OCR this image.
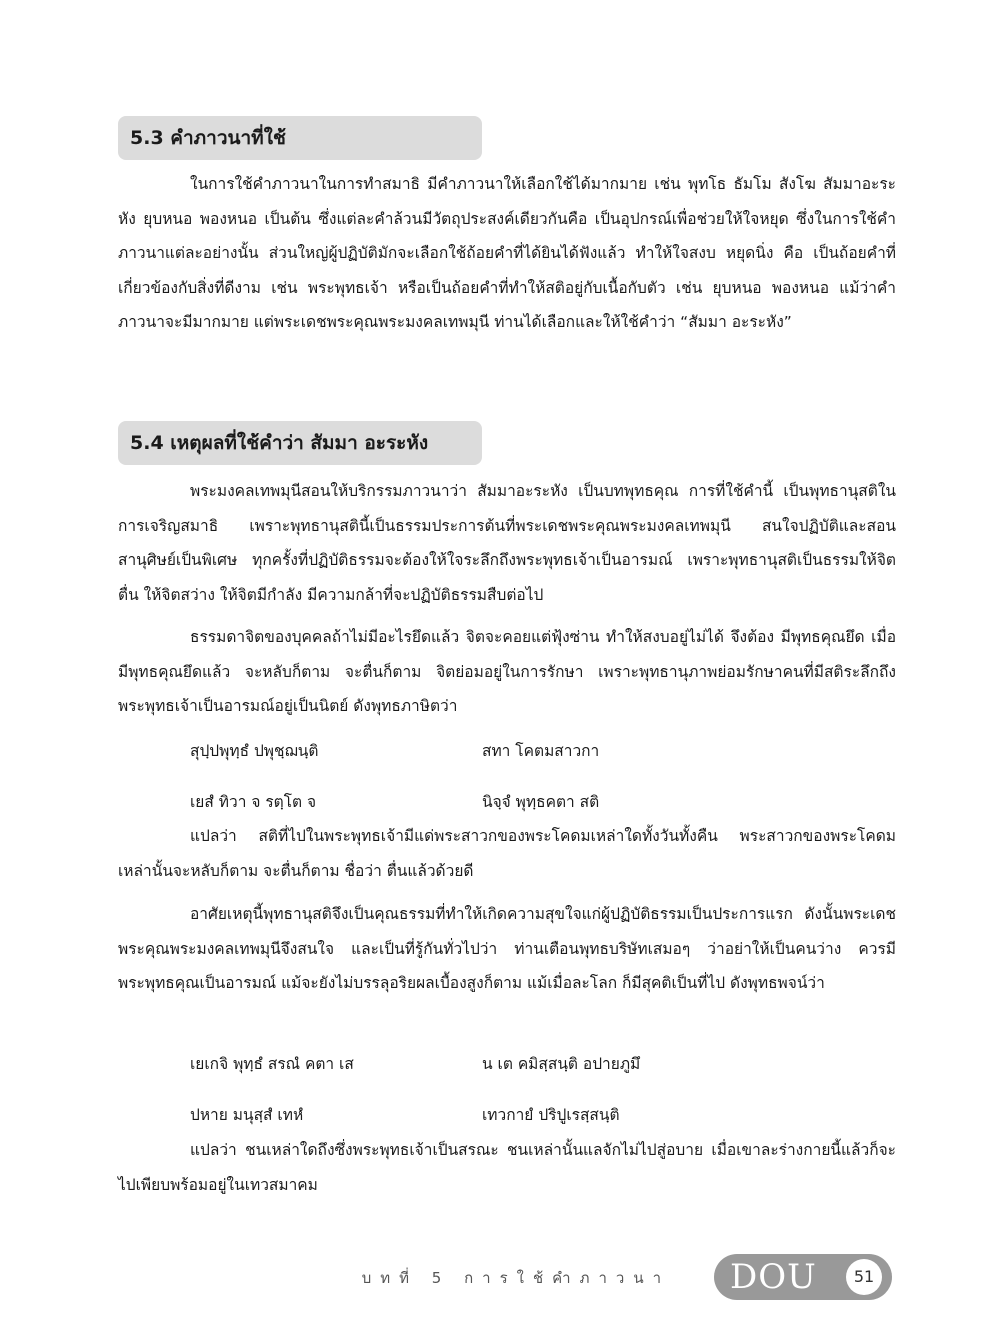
5.3 คำภาวนาที่ใช้

ในการใช้คำภาวนาในการทำสมาธิ มีคำภาวนาให้เลือกใช้ได้มากมาย เช่น พุทโธ ธัมโม สังโฆ สัมมาอะระหัง ยุบหนอ พองหนอ เป็นต้น ซึ่งแต่ละคำล้วนมีวัตถุประสงค์เดียวกันคือ เป็นอุปกรณ์เพื่อช่วยให้ใจหยุด ซึ่งในการใช้คำภาวนาแต่ละอย่างนั้น ส่วนใหญ่ผู้ปฏิบัติมักจะเลือกใช้ถ้อยคำที่ได้ยินได้ฟังแล้ว ทำให้ใจสงบ หยุดนิ่ง คือ เป็นถ้อยคำที่เกี่ยวข้องกับสิ่งที่ดีงาม เช่น พระพุทธเจ้า หรือเป็นถ้อยคำที่ทำให้สติอยู่กับเนื้อกับตัว เช่น ยุบหนอ พองหนอ แม้ว่าคำภาวนาจะมีมากมาย แต่พระเดชพระคุณพระมงคลเทพมุนี ท่านได้เลือกและให้ใช้คำว่า “สัมมา อะระหัง”

5.4 เหตุผลที่ใช้คำว่า สัมมา อะระหัง

พระมงคลเทพมุนีสอนให้บริกรรมภาวนาว่า สัมมาอะระหัง เป็นบทพุทธคุณ การที่ใช้คำนี้ เป็นพุทธานุสติในการเจริญสมาธิ เพราะพุทธานุสตินี้เป็นธรรมประการต้นที่พระเดชพระคุณพระมงคลเทพมุนี สนใจปฏิบัติและสอนสานุศิษย์เป็นพิเศษ ทุกครั้งที่ปฏิบัติธรรมจะต้องให้ใจระลึกถึงพระพุทธเจ้าเป็นอารมณ์ เพราะพุทธานุสติเป็นธรรมให้จิตตื่น ให้จิตสว่าง ให้จิตมีกำลัง มีความกล้าที่จะปฏิบัติธรรมสืบต่อไป

ธรรมดาจิตของบุคคลถ้าไม่มีอะไรยึดแล้ว จิตจะคอยแต่ฟุ้งซ่าน ทำให้สงบอยู่ไม่ได้ จึงต้อง มีพุทธคุณยึด เมื่อมีพุทธคุณยึดแล้ว จะหลับก็ตาม จะตื่นก็ตาม จิตย่อมอยู่ในการรักษา เพราะพุทธานุภาพย่อมรักษาคนที่มีสติระลึกถึงพระพุทธเจ้าเป็นอารมณ์อยู่เป็นนิตย์ ดังพุทธภาษิตว่า

สุปฺปพุทฺธํ ปพุชฺฌนฺติ	สทา โคตมสาวกา
เยสํ ทิวา จ รตฺโต จ	นิจฺจํ พุทฺธคตา สติ

แปลว่า สติที่ไปในพระพุทธเจ้ามีแด่พระสาวกของพระโคดมเหล่าใดทั้งวันทั้งคืน พระสาวกของพระโคดมเหล่านั้นจะหลับก็ตาม จะตื่นก็ตาม ชื่อว่า ตื่นแล้วด้วยดี

อาศัยเหตุนี้พุทธานุสติจึงเป็นคุณธรรมที่ทำให้เกิดความสุขใจแก่ผู้ปฏิบัติธรรมเป็นประการแรก ดังนั้นพระเดชพระคุณพระมงคลเทพมุนีจึงสนใจ และเป็นที่รู้กันทั่วไปว่า ท่านเตือนพุทธบริษัทเสมอๆ ว่าอย่าให้เป็นคนว่าง ควรมีพระพุทธคุณเป็นอารมณ์ แม้จะยังไม่บรรลุอริยผลเบื้องสูงก็ตาม แม้เมื่อละโลก ก็มีสุคติเป็นที่ไป ดังพุทธพจน์ว่า

เยเกจิ พุทฺธํ สรณํ คตา เส	น เต คมิสฺสนฺติ อปายภูมึ
ปหาย มนุสฺสํ เทหํ	เทวกายํ ปริปูเรสฺสนฺติ

แปลว่า ชนเหล่าใดถึงซึ่งพระพุทธเจ้าเป็นสรณะ ชนเหล่านั้นแลจักไม่ไปสู่อบาย เมื่อเขาละร่างกายนี้แล้วก็จะไปเพียบพร้อมอยู่ในเทวสมาคม

บทที่ 5 การใช้คำภาวนา DOU	51
